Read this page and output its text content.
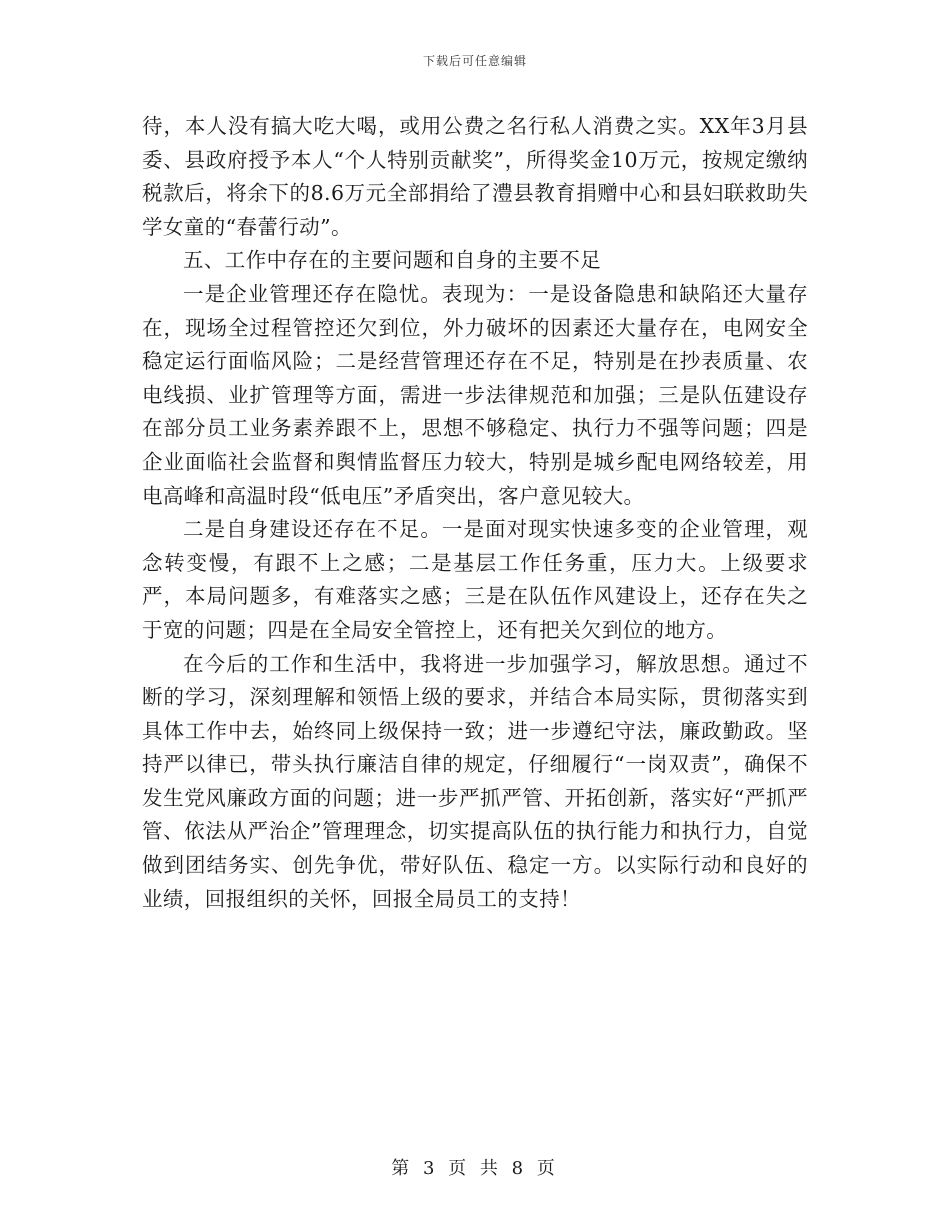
下载后可任意编辑

待，本人没有搞大吃大喝，或用公费之名行私人消费之实。XX年3月县委、县政府授予本人“个人特别贡献奖”，所得奖金10万元，按规定缴纳税款后，将余下的8.6万元全部捐给了澧县教育捐赠中心和县妇联救助失学女童的“春蕾行动”。

五、工作中存在的主要问题和自身的主要不足

一是企业管理还存在隐忧。表现为：一是设备隐患和缺陷还大量存在，现场全过程管控还欠到位，外力破坏的因素还大量存在，电网安全稳定运行面临风险；二是经营管理还存在不足，特别是在抄表质量、农电线损、业扩管理等方面，需进一步法律规范和加强；三是队伍建设存在部分员工业务素养跟不上，思想不够稳定、执行力不强等问题；四是企业面临社会监督和舆情监督压力较大，特别是城乡配电网络较差，用电高峰和高温时段“低电压”矛盾突出，客户意见较大。

二是自身建设还存在不足。一是面对现实快速多变的企业管理，观念转变慢，有跟不上之感；二是基层工作任务重，压力大。上级要求严，本局问题多，有难落实之感；三是在队伍作风建设上，还存在失之于宽的问题；四是在全局安全管控上，还有把关欠到位的地方。

在今后的工作和生活中，我将进一步加强学习，解放思想。通过不断的学习，深刻理解和领悟上级的要求，并结合本局实际，贯彻落实到具体工作中去，始终同上级保持一致；进一步遵纪守法，廉政勤政。坚持严以律已，带头执行廉洁自律的规定，仔细履行“一岗双责”，确保不发生党风廉政方面的问题；进一步严抓严管、开拓创新，落实好“严抓严管、依法从严治企”管理理念，切实提高队伍的执行能力和执行力，自觉做到团结务实、创先争优，带好队伍、稳定一方。以实际行动和良好的业绩，回报组织的关怀，回报全局员工的支持！

第 3 页 共 8 页
